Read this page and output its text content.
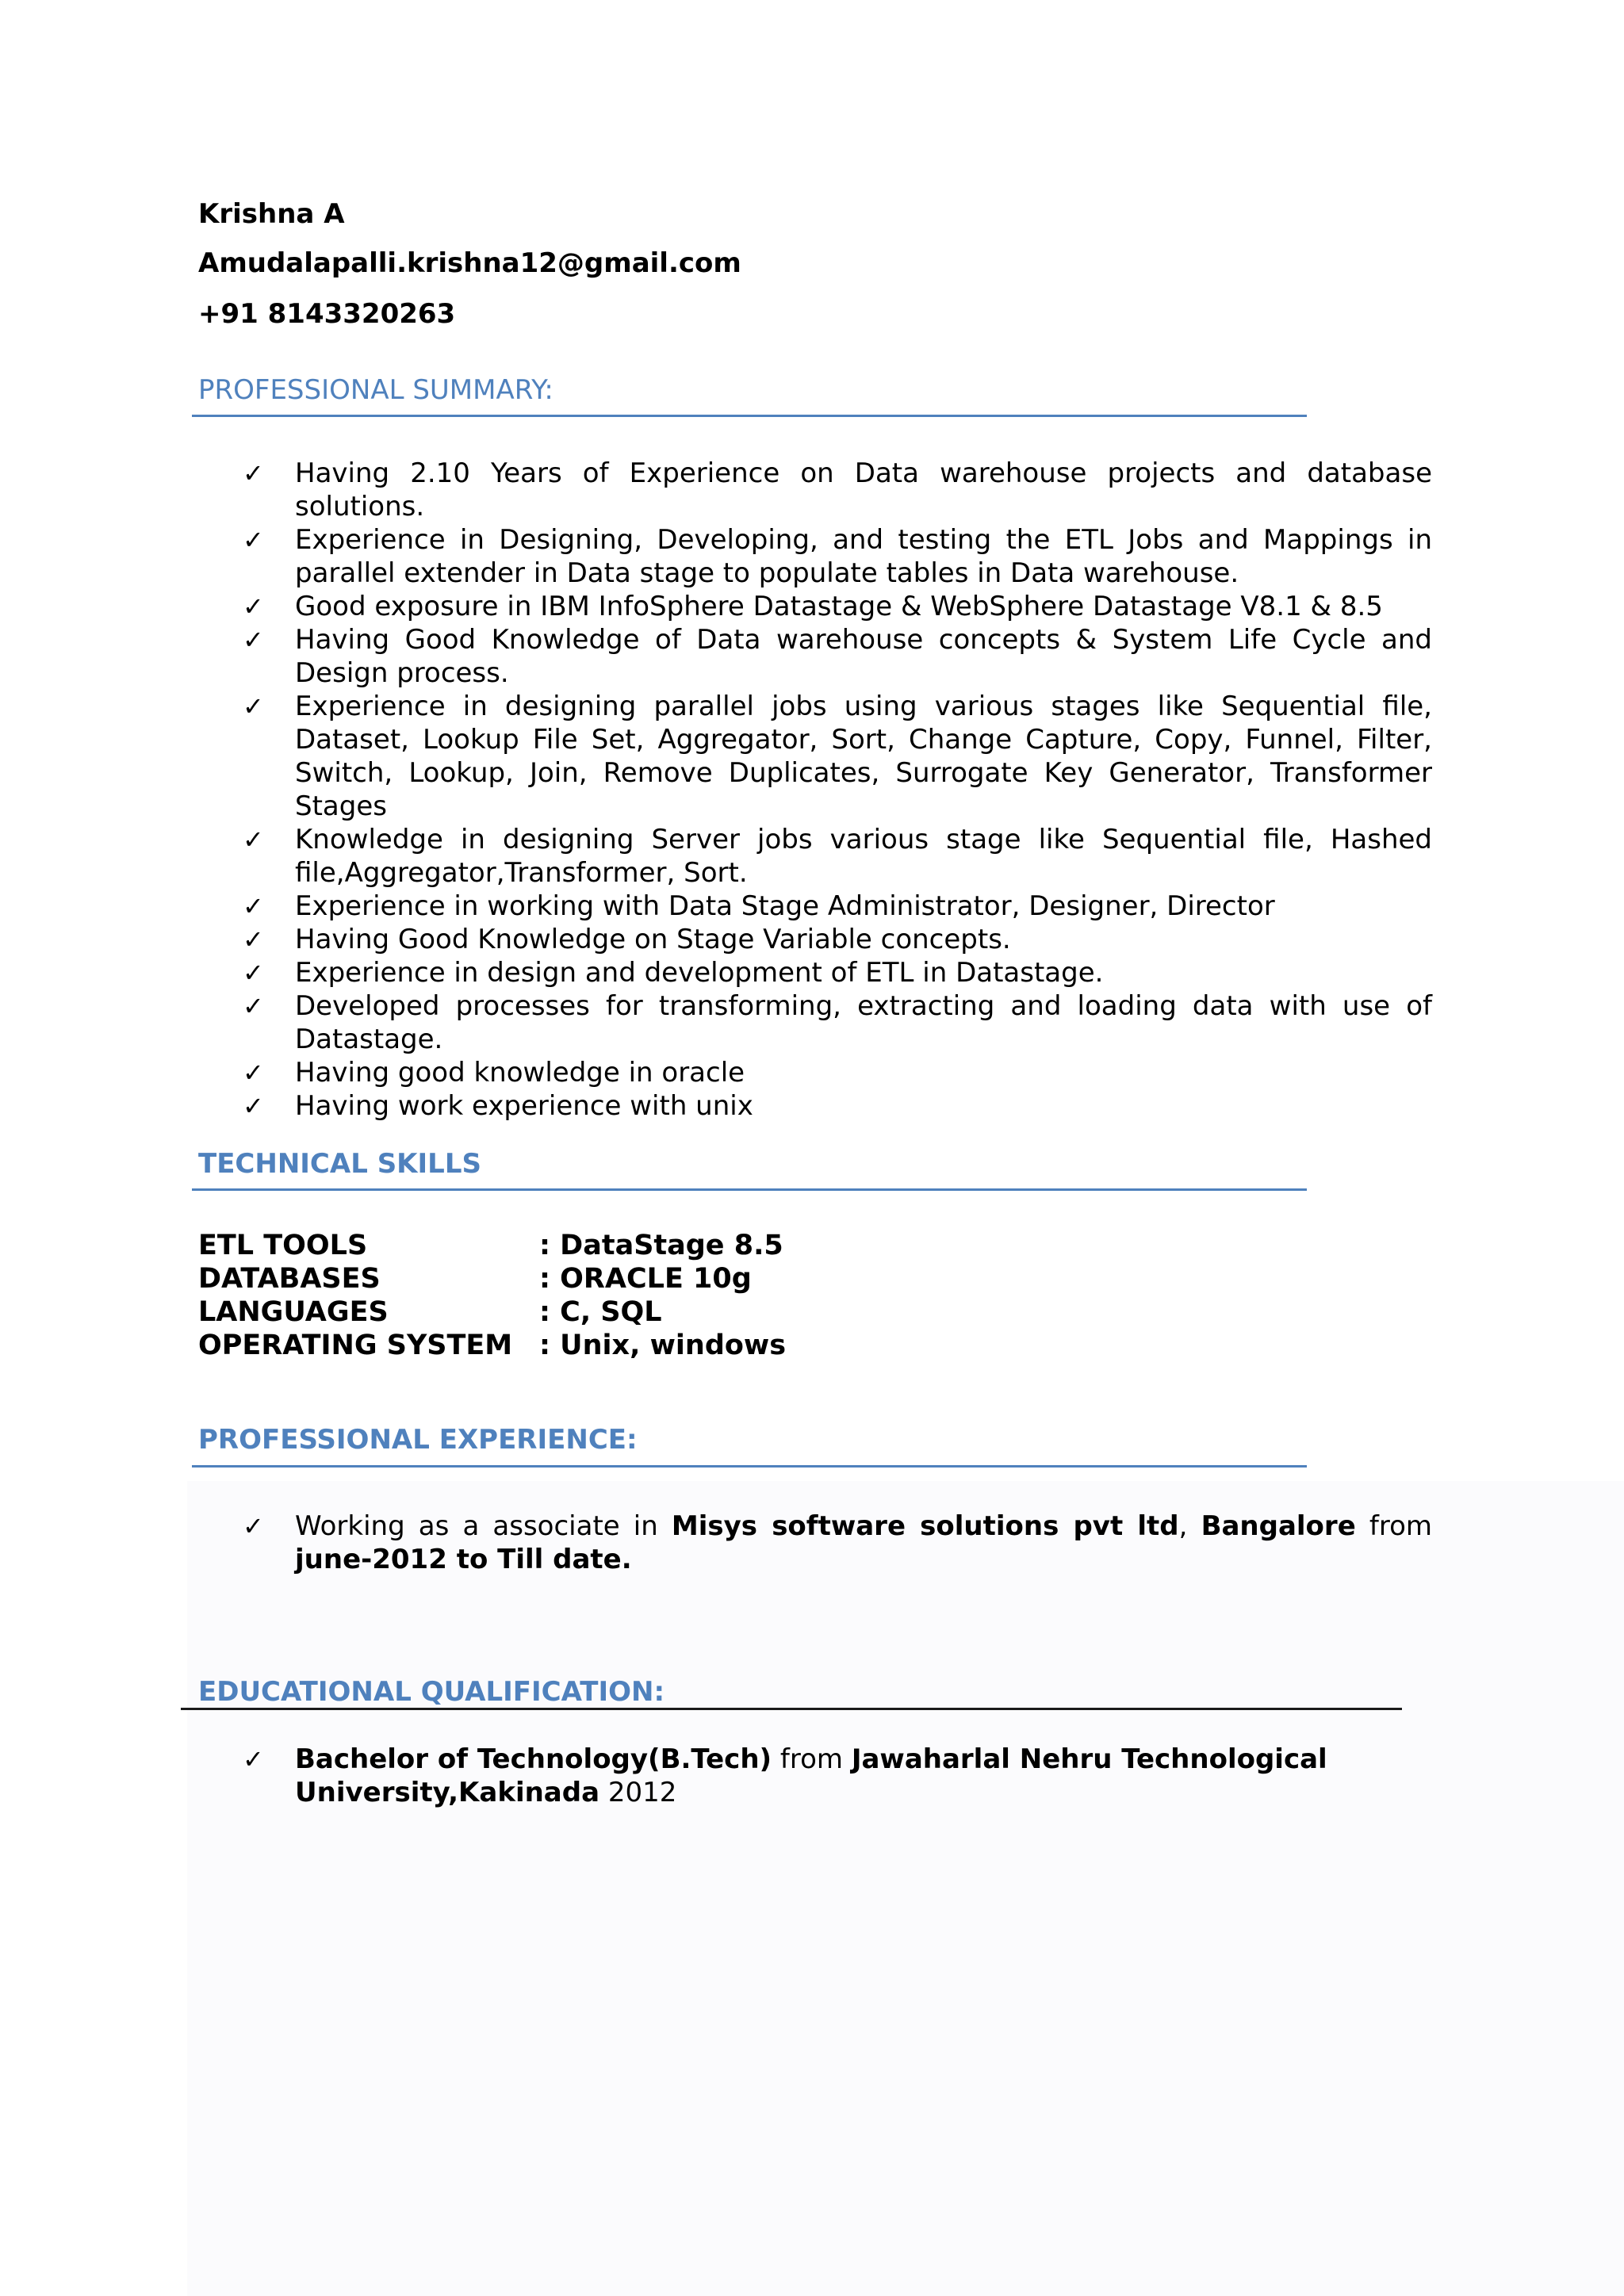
Krishna A
Amudalapalli.krishna12@gmail.com
+91 8143320263
PROFESSIONAL SUMMARY:
✓	Having 2.10 Years of Experience on Data warehouse projects and database solutions.
✓	Experience in Designing, Developing, and testing the ETL Jobs and Mappings in parallel extender in Data stage to populate tables in Data warehouse.
✓	Good exposure in IBM InfoSphere Datastage & WebSphere Datastage V8.1 & 8.5
✓	Having Good Knowledge of Data warehouse concepts & System Life Cycle and Design process.
✓	Experience in designing parallel jobs using various stages like Sequential file, Dataset, Lookup File Set, Aggregator, Sort, Change Capture, Copy, Funnel, Filter, Switch, Lookup, Join, Remove Duplicates, Surrogate Key Generator, Transformer Stages
✓	Knowledge in designing Server jobs various stage like Sequential file, Hashed file,Aggregator,Transformer, Sort.
✓	Experience in working with Data Stage Administrator, Designer, Director
✓	Having Good Knowledge on Stage Variable concepts.
✓	Experience in design and development of ETL in Datastage.
✓	Developed processes for transforming, extracting and loading data with use of Datastage.
✓	Having good knowledge in oracle
✓	Having work experience with unix
TECHNICAL SKILLS
ETL TOOLS	: DataStage 8.5
DATABASES	: ORACLE 10g
LANGUAGES	: C, SQL
OPERATING SYSTEM : Unix, windows
PROFESSIONAL EXPERIENCE:
✓	Working as a associate in Misys software solutions pvt ltd, Bangalore from june-2012 to Till date.
EDUCATIONAL QUALIFICATION:
✓	Bachelor of Technology(B.Tech) from Jawaharlal Nehru Technological University,Kakinada 2012
